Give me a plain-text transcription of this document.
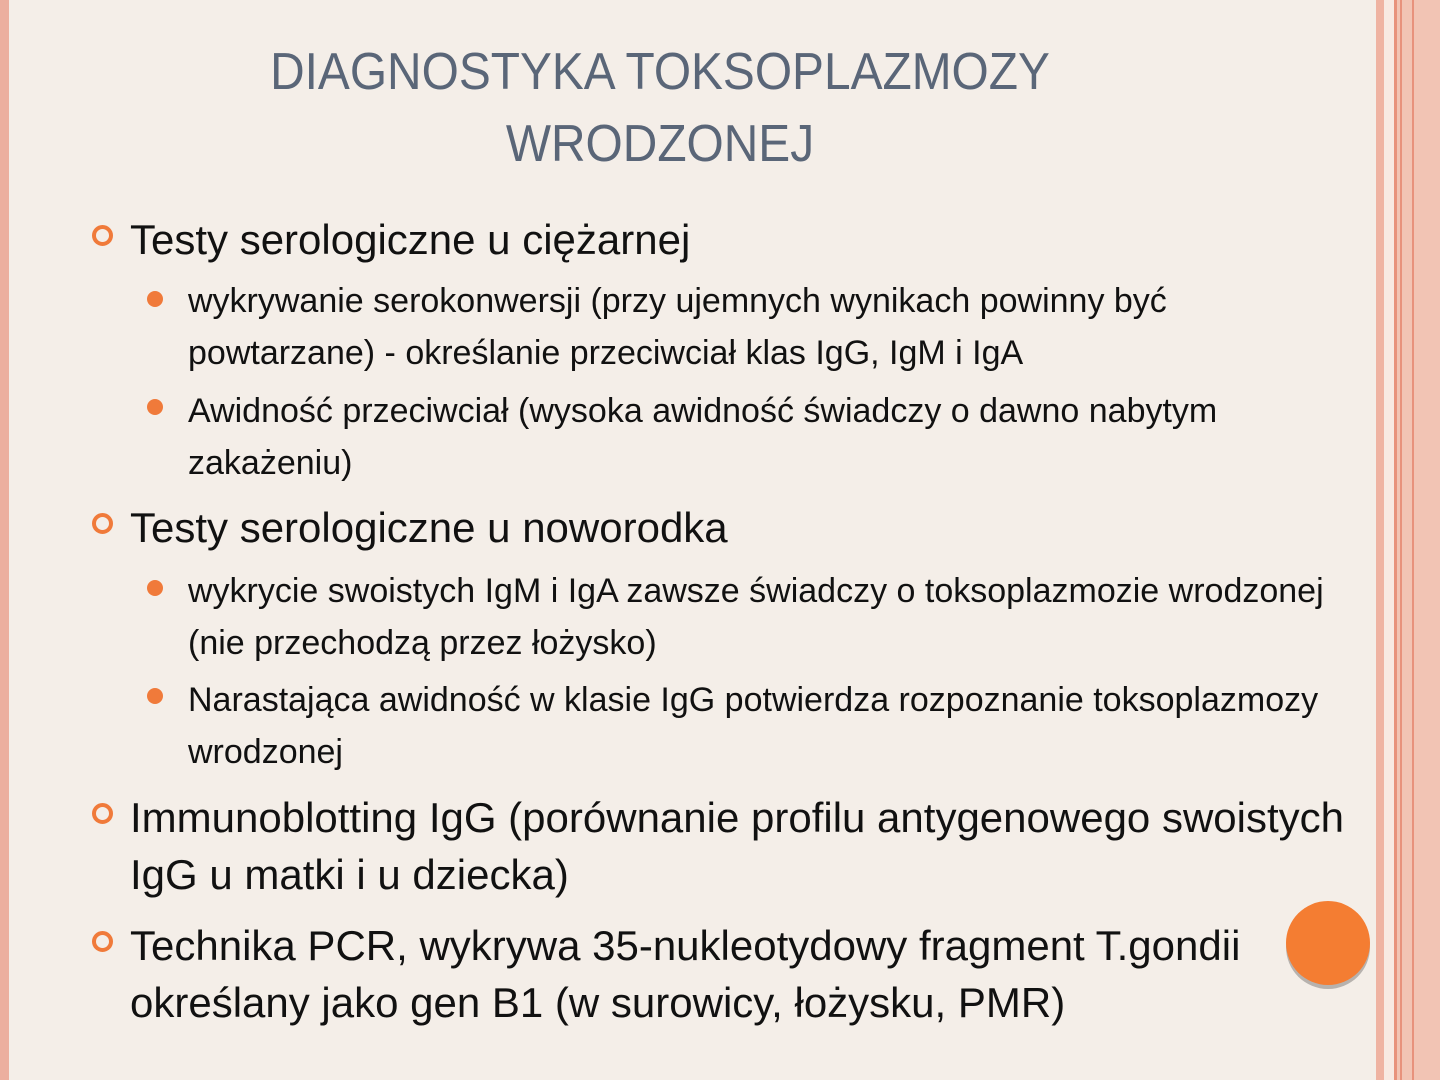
DIAGNOSTYKA TOKSOPLAZMOZY
WRODZONEJ
Testy serologiczne u ciężarnej
wykrywanie serokonwersji (przy ujemnych wynikach powinny być powtarzane) - określanie przeciwciał klas IgG, IgM i IgA
Awidność przeciwciał (wysoka awidność świadczy o dawno nabytym zakażeniu)
Testy serologiczne u noworodka
wykrycie swoistych IgM i IgA zawsze świadczy o toksoplazmozie wrodzonej (nie przechodzą przez łożysko)
Narastająca awidność w klasie IgG potwierdza rozpoznanie toksoplazmozy wrodzonej
Immunoblotting IgG (porównanie profilu antygenowego swoistych IgG u matki i u dziecka)
Technika PCR, wykrywa 35-nukleotydowy fragment T.gondii określany jako gen B1 (w surowicy, łożysku, PMR)
